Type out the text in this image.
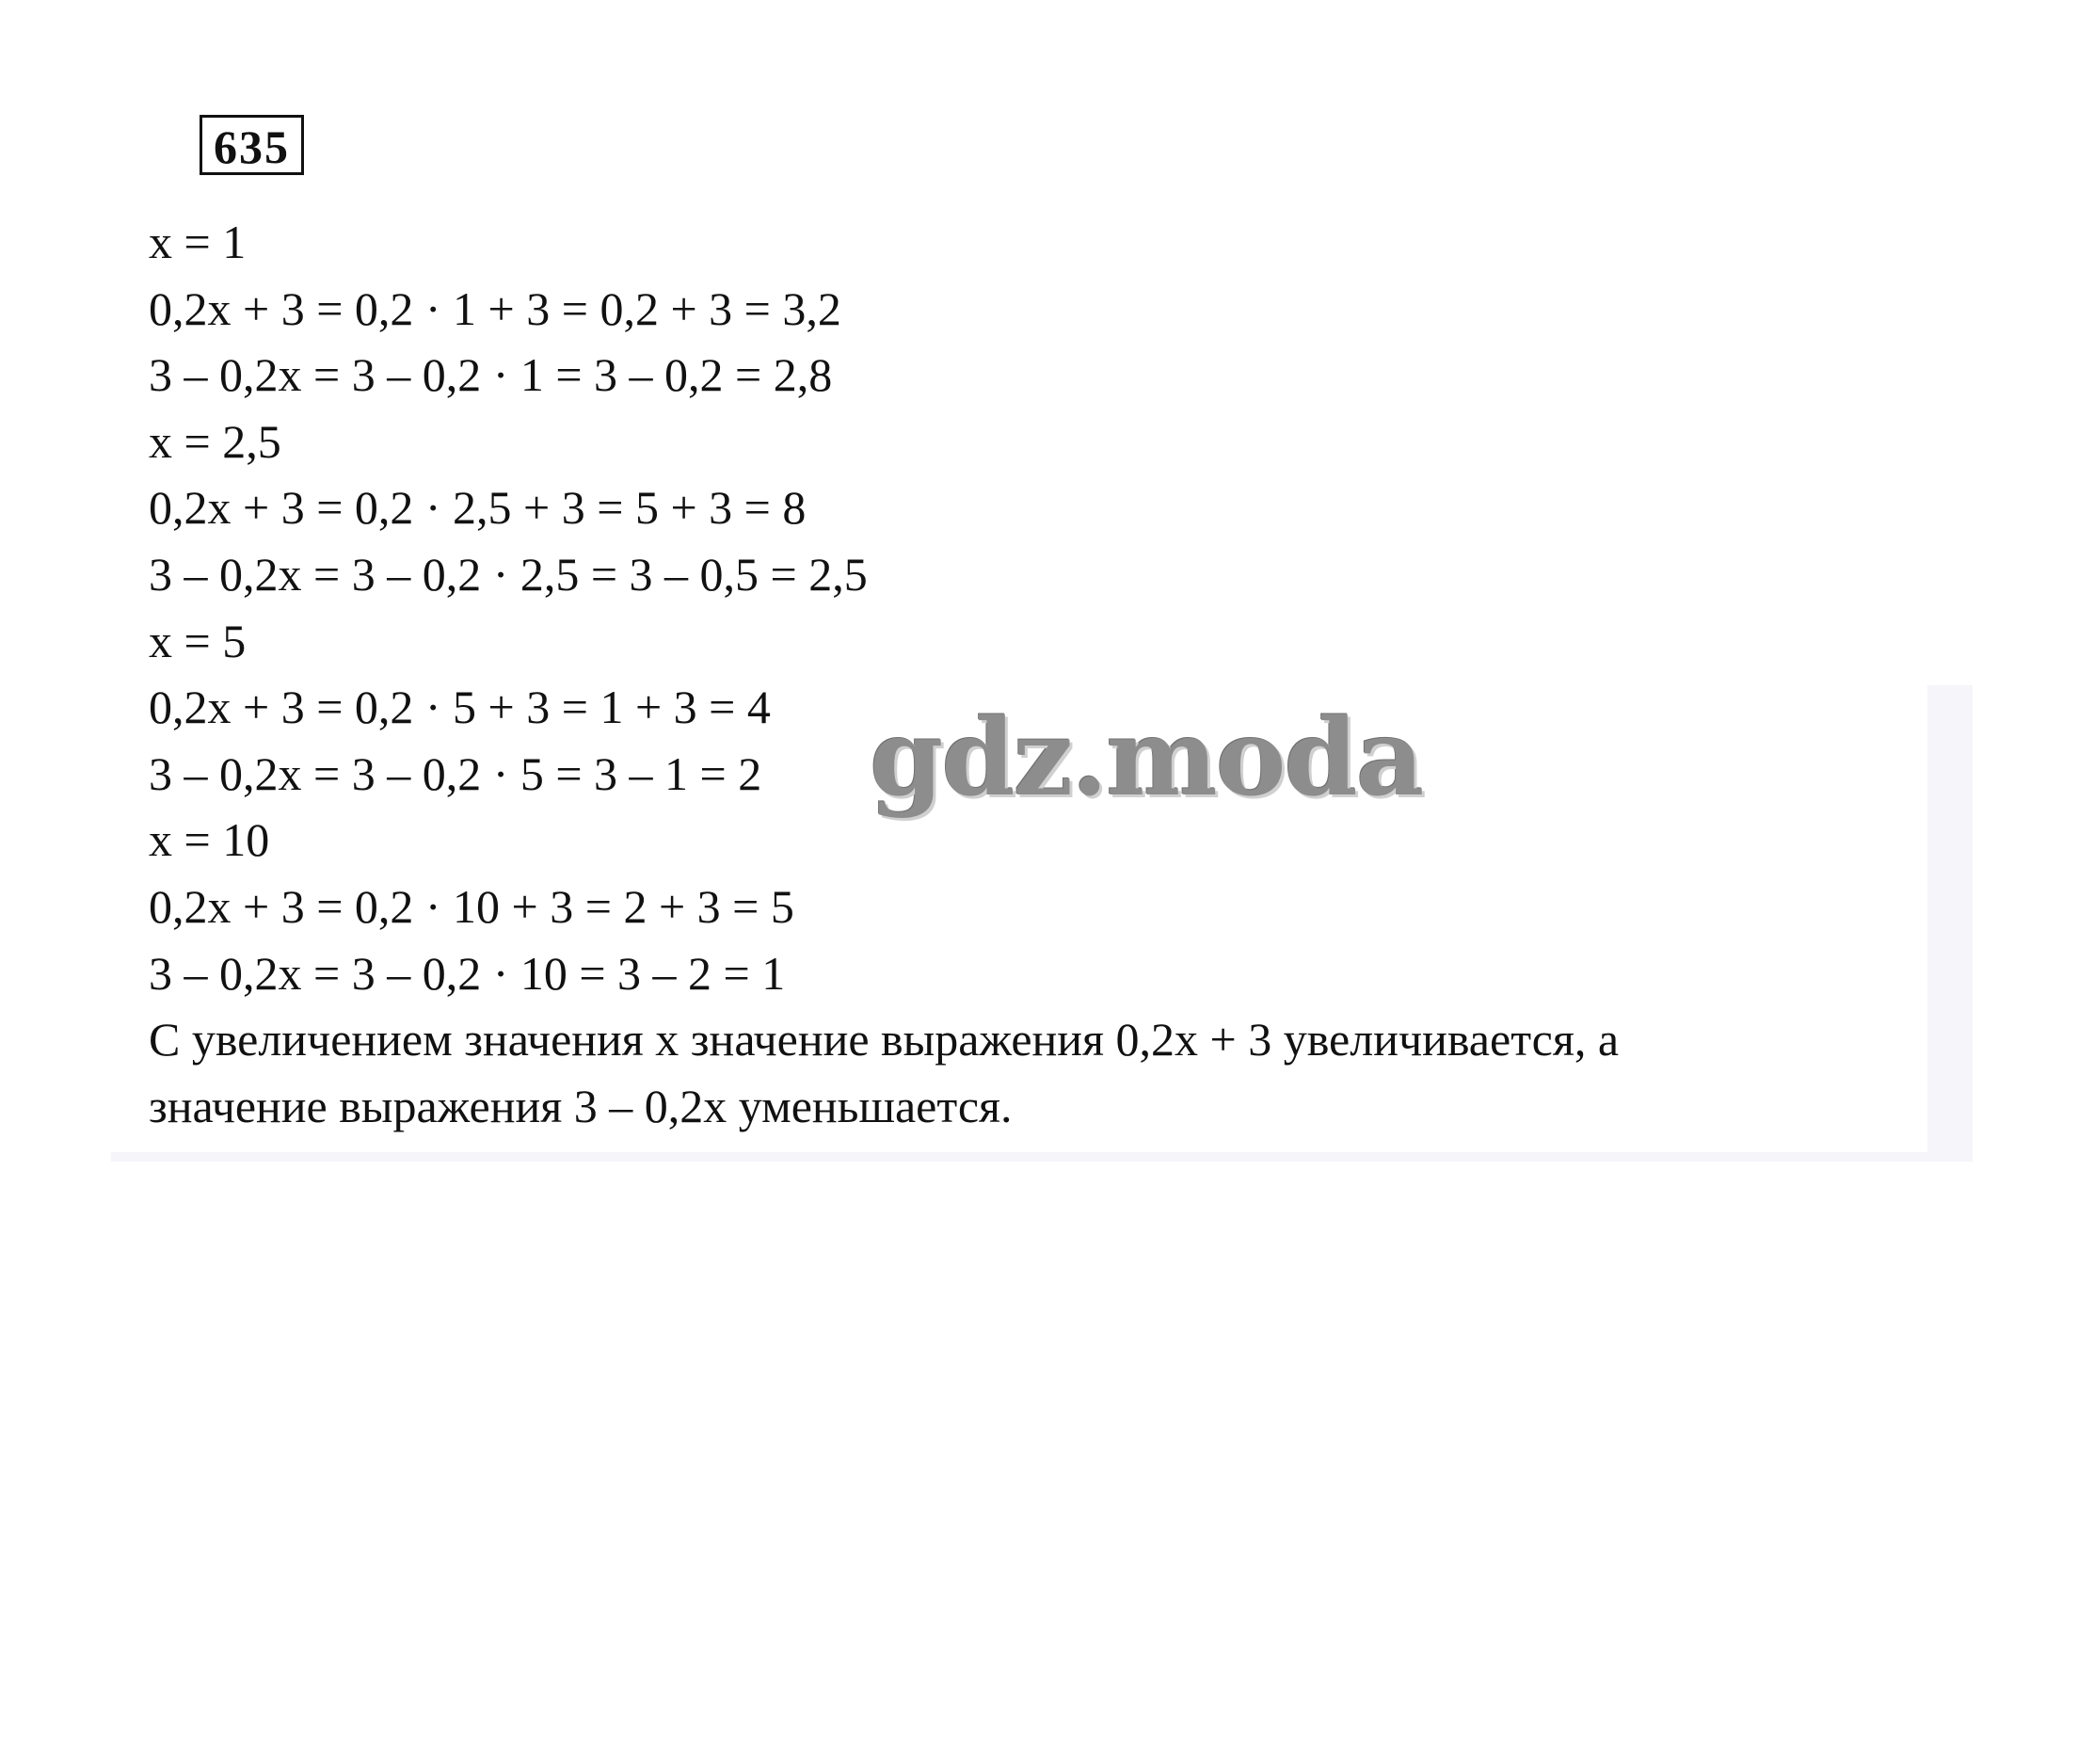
635
x = 1
0,2x + 3 = 0,2 · 1 + 3 = 0,2 + 3 = 3,2
3 – 0,2x = 3 – 0,2 · 1 = 3 – 0,2 = 2,8
x = 2,5
0,2x + 3 = 0,2 · 2,5 + 3 = 5 + 3 = 8
3 – 0,2x = 3 – 0,2 · 2,5 = 3 – 0,5 = 2,5
x = 5
0,2x + 3 = 0,2 · 5 + 3 = 1 + 3 = 4
3 – 0,2x = 3 – 0,2 · 5 = 3 – 1 = 2
x = 10
0,2x + 3 = 0,2 · 10 + 3 = 2 + 3 = 5
3 – 0,2x = 3 – 0,2 · 10 = 3 – 2 = 1
С увеличением значения x значение выражения 0,2x + 3 увеличивается, а
значение выражения 3 – 0,2x уменьшается.
gdz.moda
